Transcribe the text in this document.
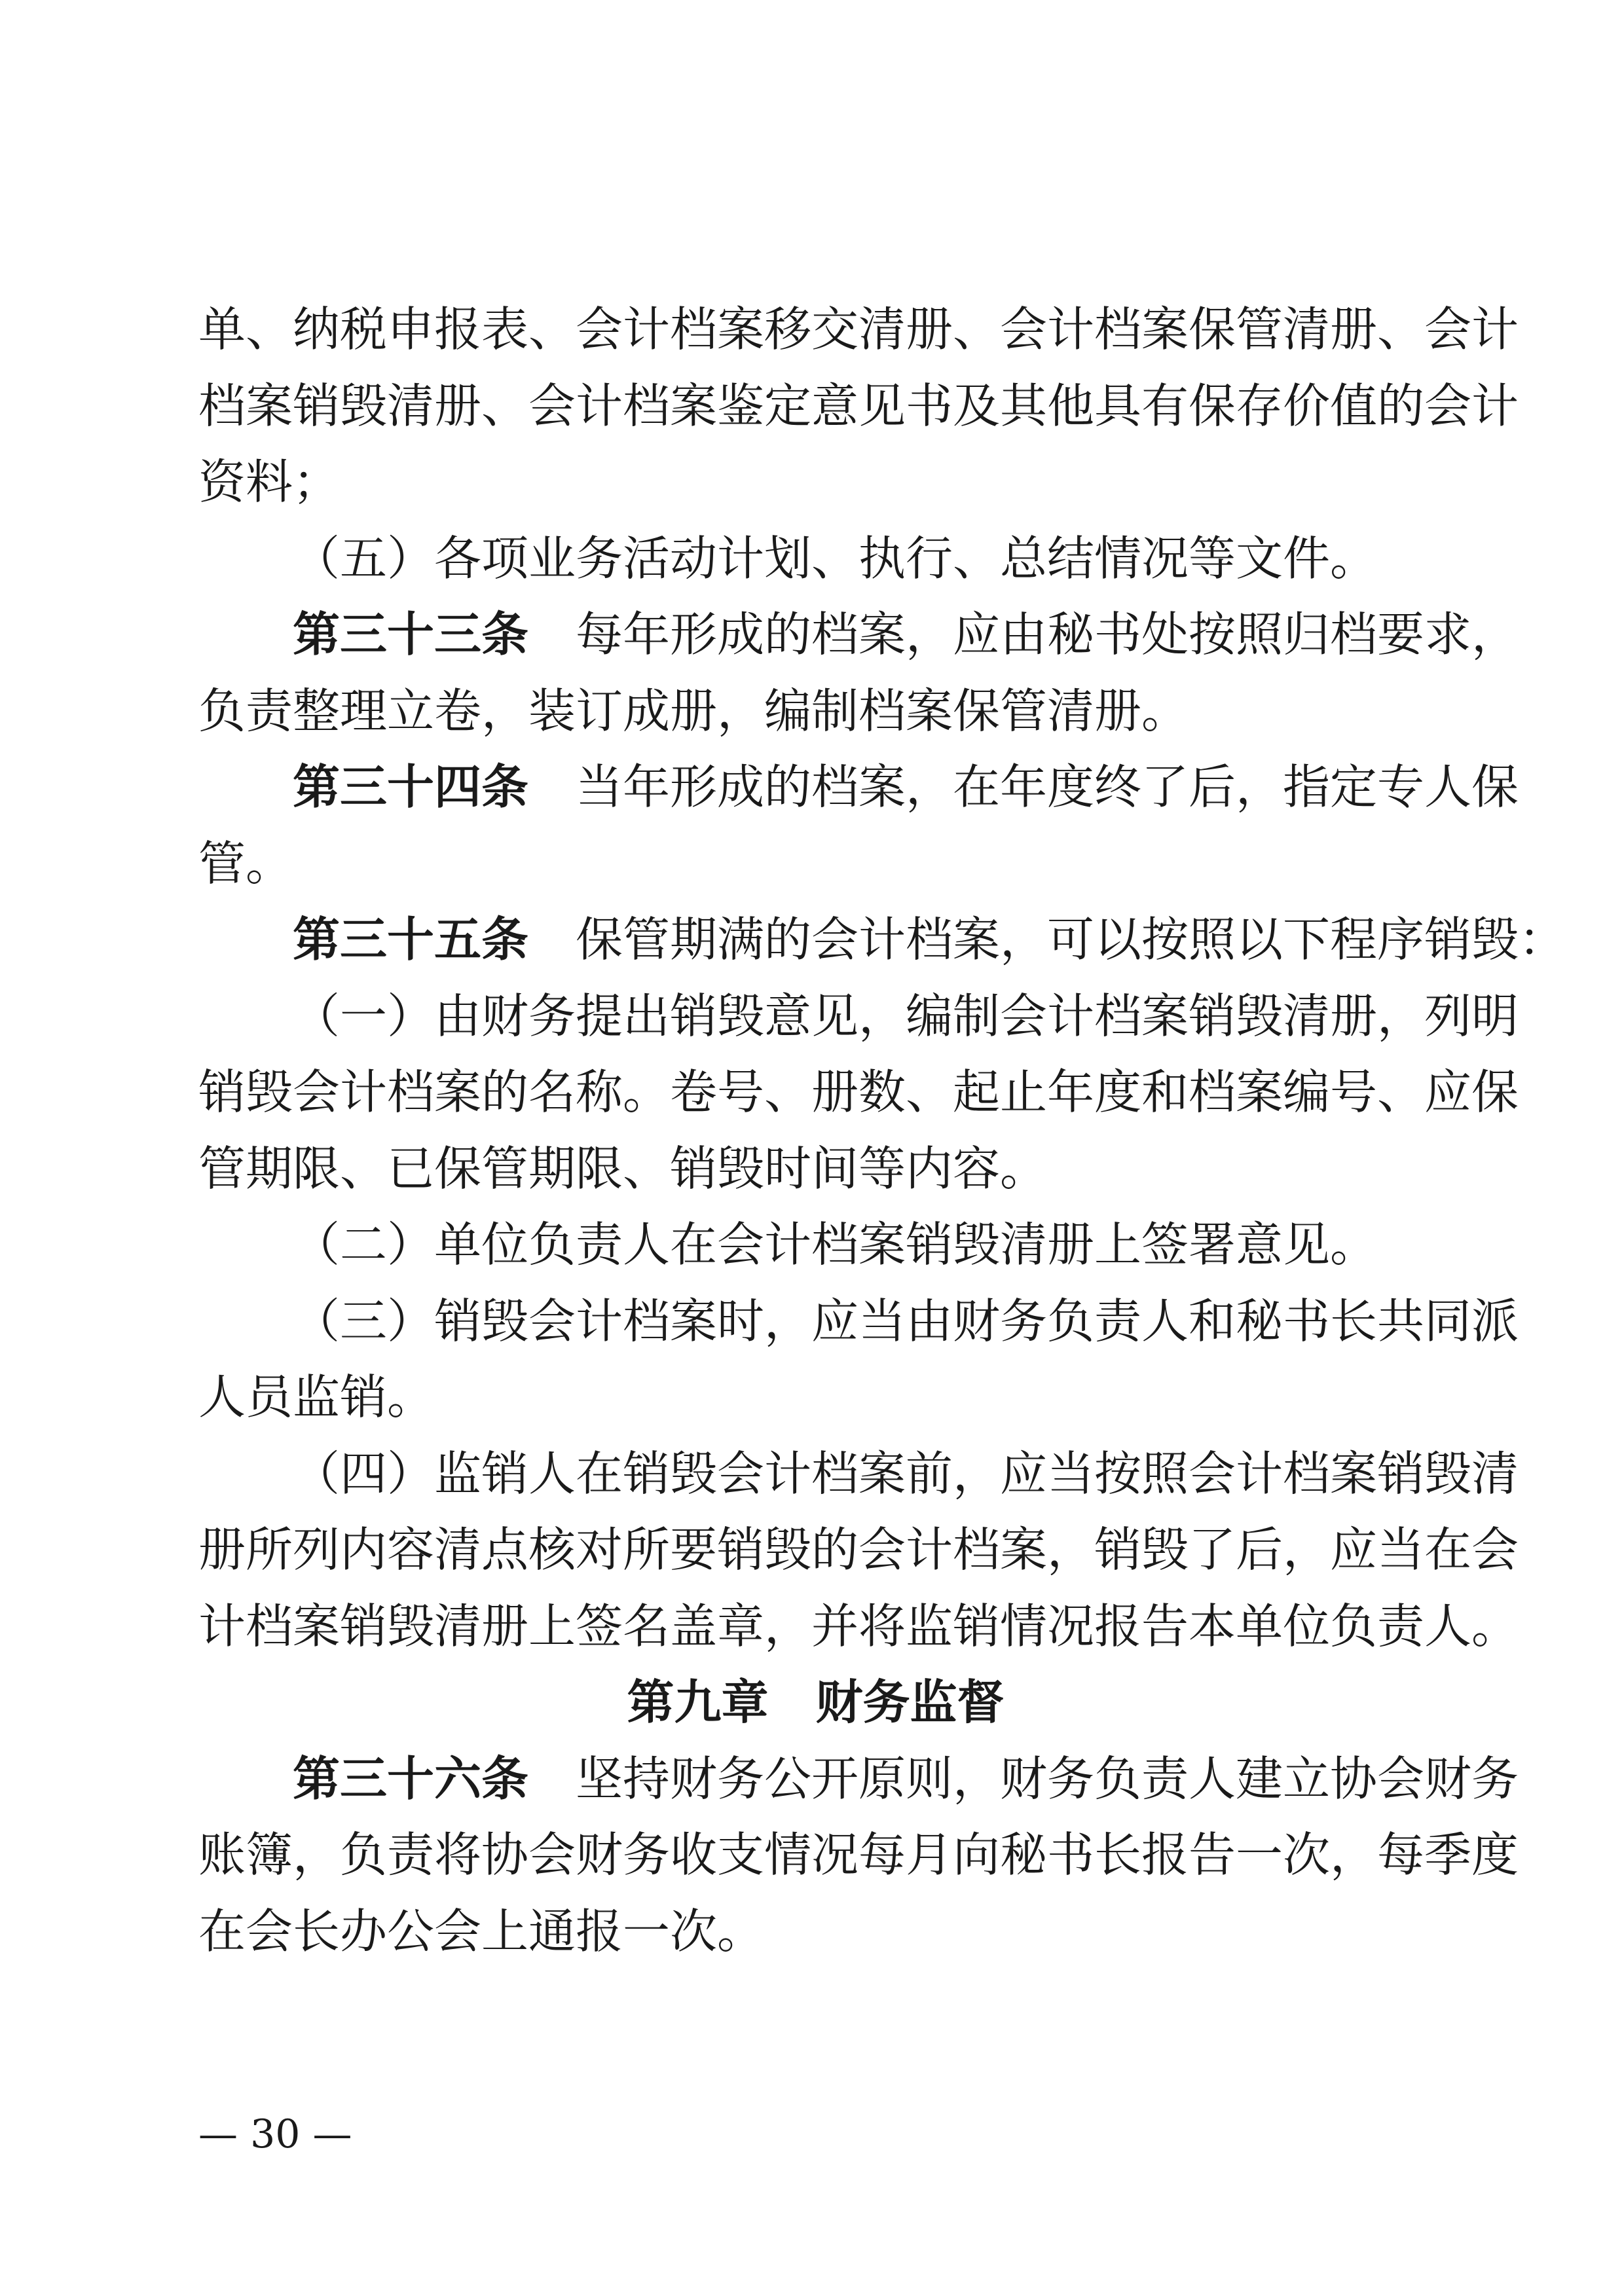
单、纳税申报表、会计档案移交清册、会计档案保管清册、会计
档案销毁清册、会计档案鉴定意见书及其他具有保存价值的会计
资料；
（五）各项业务活动计划、执行、总结情况等文件。
第三十三条 每年形成的档案，应由秘书处按照归档要求，
负责整理立卷，装订成册，编制档案保管清册。
第三十四条 当年形成的档案，在年度终了后，指定专人保
管。
第三十五条 保管期满的会计档案，可以按照以下程序销毁：
（一）由财务提出销毁意见，编制会计档案销毁清册，列明
销毁会计档案的名称。卷号、册数、起止年度和档案编号、应保
管期限、已保管期限、销毁时间等内容。
（二）单位负责人在会计档案销毁清册上签署意见。
（三）销毁会计档案时，应当由财务负责人和秘书长共同派
人员监销。
（四）监销人在销毁会计档案前，应当按照会计档案销毁清
册所列内容清点核对所要销毁的会计档案，销毁了后，应当在会
计档案销毁清册上签名盖章，并将监销情况报告本单位负责人。
第九章 财务监督
第三十六条 坚持财务公开原则，财务负责人建立协会财务
账簿，负责将协会财务收支情况每月向秘书长报告一次，每季度
在会长办公会上通报一次。
— 30 —
